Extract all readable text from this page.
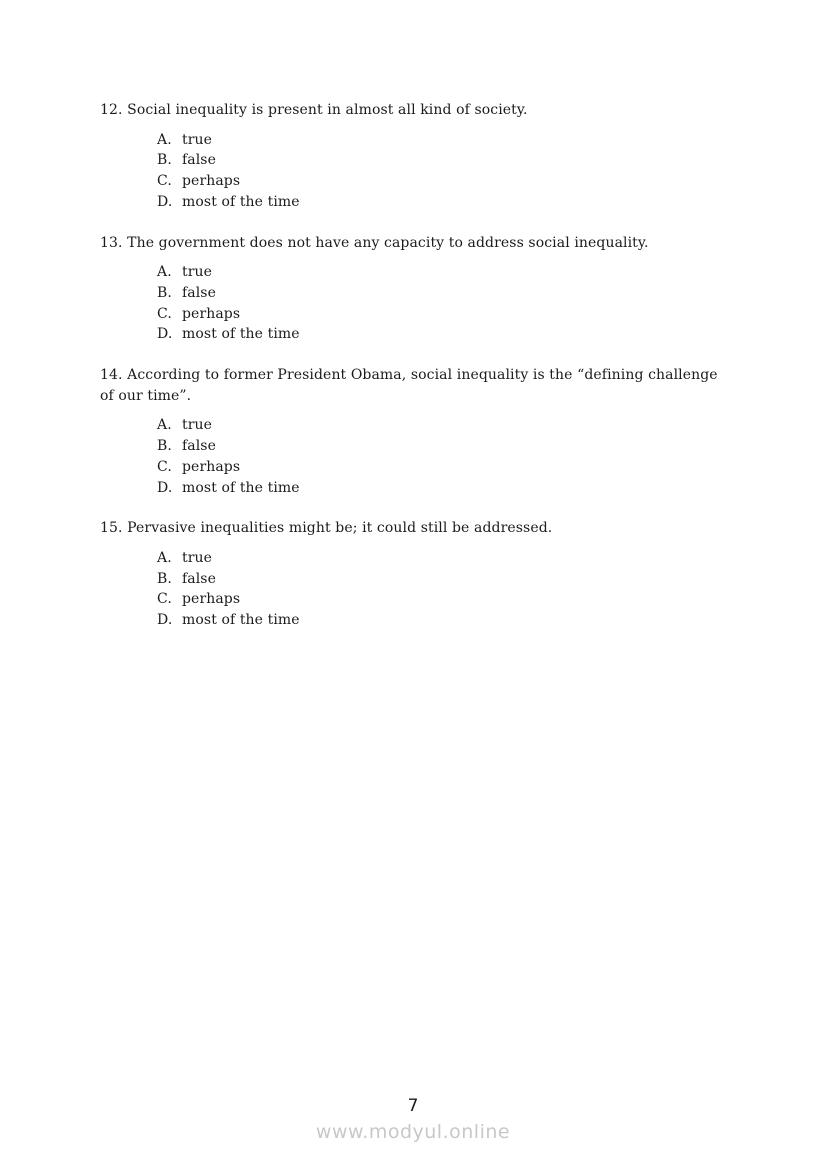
12. Social inequality is present in almost all kind of society.

A. true
B. false
C. perhaps
D. most of the time

13. The government does not have any capacity to address social inequality.

A. true
B. false
C. perhaps
D. most of the time

14. According to former President Obama, social inequality is the “defining challenge of our time”.

A. true
B. false
C. perhaps
D. most of the time

15. Pervasive inequalities might be; it could still be addressed.

A. true
B. false
C. perhaps
D. most of the time
7
www.modyul.online
